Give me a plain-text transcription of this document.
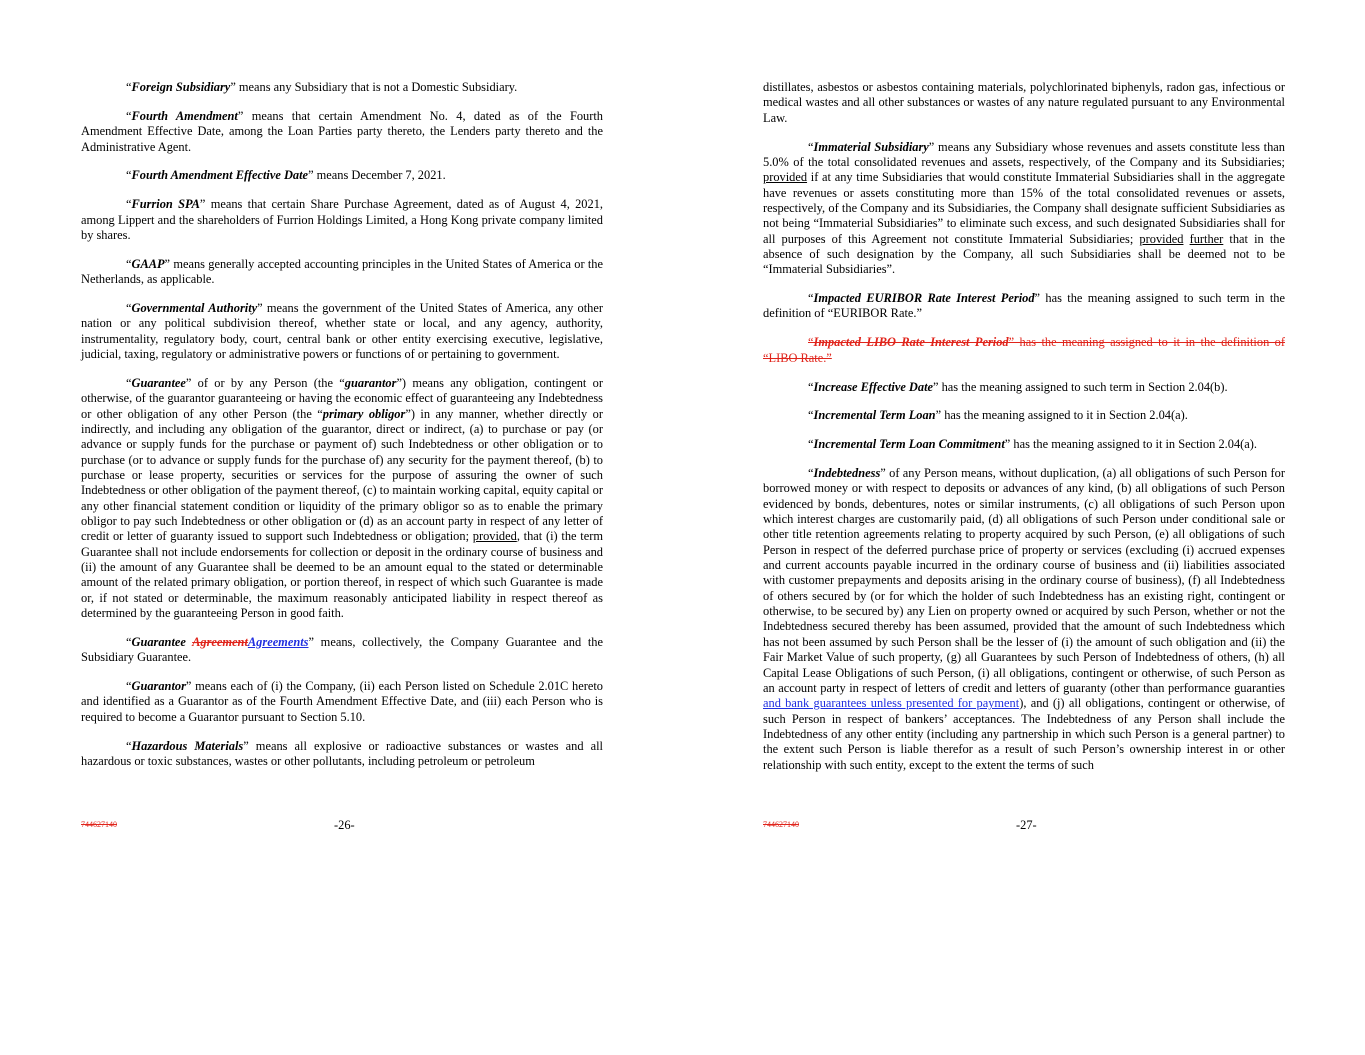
“Foreign Subsidiary” means any Subsidiary that is not a Domestic Subsidiary.

“Fourth Amendment” means that certain Amendment No. 4, dated as of the Fourth Amendment Effective Date, among the Loan Parties party thereto, the Lenders party thereto and the Administrative Agent.

“Fourth Amendment Effective Date” means December 7, 2021.

“Furrion SPA” means that certain Share Purchase Agreement, dated as of August 4, 2021, among Lippert and the shareholders of Furrion Holdings Limited, a Hong Kong private company limited by shares.

“GAAP” means generally accepted accounting principles in the United States of America or the Netherlands, as applicable.

“Governmental Authority” means the government of the United States of America, any other nation or any political subdivision thereof, whether state or local, and any agency, authority, instrumentality, regulatory body, court, central bank or other entity exercising executive, legislative, judicial, taxing, regulatory or administrative powers or functions of or pertaining to government.

“Guarantee” of or by any Person (the “guarantor”) means any obligation, contingent or otherwise, of the guarantor guaranteeing or having the economic effect of guaranteeing any Indebtedness or other obligation of any other Person (the “primary obligor”) in any manner, whether directly or indirectly, and including any obligation of the guarantor, direct or indirect, (a) to purchase or pay (or advance or supply funds for the purchase or payment of) such Indebtedness or other obligation or to purchase (or to advance or supply funds for the purchase of) any security for the payment thereof, (b) to purchase or lease property, securities or services for the purpose of assuring the owner of such Indebtedness or other obligation of the payment thereof, (c) to maintain working capital, equity capital or any other financial statement condition or liquidity of the primary obligor so as to enable the primary obligor to pay such Indebtedness or other obligation or (d) as an account party in respect of any letter of credit or letter of guaranty issued to support such Indebtedness or obligation; provided, that (i) the term Guarantee shall not include endorsements for collection or deposit in the ordinary course of business and (ii) the amount of any Guarantee shall be deemed to be an amount equal to the stated or determinable amount of the related primary obligation, or portion thereof, in respect of which such Guarantee is made or, if not stated or determinable, the maximum reasonably anticipated liability in respect thereof as determined by the guaranteeing Person in good faith.

“Guarantee AgreementAgreements” means, collectively, the Company Guarantee and the Subsidiary Guarantee.

“Guarantor” means each of (i) the Company, (ii) each Person listed on Schedule 2.01C hereto and identified as a Guarantor as of the Fourth Amendment Effective Date, and (iii) each Person who is required to become a Guarantor pursuant to Section 5.10.

“Hazardous Materials” means all explosive or radioactive substances or wastes and all hazardous or toxic substances, wastes or other pollutants, including petroleum or petroleum

744627140	-26-

distillates, asbestos or asbestos containing materials, polychlorinated biphenyls, radon gas, infectious or medical wastes and all other substances or wastes of any nature regulated pursuant to any Environmental Law.

“Immaterial Subsidiary” means any Subsidiary whose revenues and assets constitute less than 5.0% of the total consolidated revenues and assets, respectively, of the Company and its Subsidiaries; provided if at any time Subsidiaries that would constitute Immaterial Subsidiaries shall in the aggregate have revenues or assets constituting more than 15% of the total consolidated revenues or assets, respectively, of the Company and its Subsidiaries, the Company shall designate sufficient Subsidiaries as not being “Immaterial Subsidiaries” to eliminate such excess, and such designated Subsidiaries shall for all purposes of this Agreement not constitute Immaterial Subsidiaries; provided further that in the absence of such designation by the Company, all such Subsidiaries shall be deemed not to be “Immaterial Subsidiaries”.

“Impacted EURIBOR Rate Interest Period” has the meaning assigned to such term in the definition of “EURIBOR Rate.”

“Impacted LIBO Rate Interest Period” has the meaning assigned to it in the definition of “LIBO Rate.”

“Increase Effective Date” has the meaning assigned to such term in Section 2.04(b).

“Incremental Term Loan” has the meaning assigned to it in Section 2.04(a).

“Incremental Term Loan Commitment” has the meaning assigned to it in Section 2.04(a).

“Indebtedness” of any Person means, without duplication, (a) all obligations of such Person for borrowed money or with respect to deposits or advances of any kind, (b) all obligations of such Person evidenced by bonds, debentures, notes or similar instruments, (c) all obligations of such Person upon which interest charges are customarily paid, (d) all obligations of such Person under conditional sale or other title retention agreements relating to property acquired by such Person, (e) all obligations of such Person in respect of the deferred purchase price of property or services (excluding (i) accrued expenses and current accounts payable incurred in the ordinary course of business and (ii) liabilities associated with customer prepayments and deposits arising in the ordinary course of business), (f) all Indebtedness of others secured by (or for which the holder of such Indebtedness has an existing right, contingent or otherwise, to be secured by) any Lien on property owned or acquired by such Person, whether or not the Indebtedness secured thereby has been assumed, provided that the amount of such Indebtedness which has not been assumed by such Person shall be the lesser of (i) the amount of such obligation and (ii) the Fair Market Value of such property, (g) all Guarantees by such Person of Indebtedness of others, (h) all Capital Lease Obligations of such Person, (i) all obligations, contingent or otherwise, of such Person as an account party in respect of letters of credit and letters of guaranty (other than performance guaranties and bank guarantees unless presented for payment), and (j) all obligations, contingent or otherwise, of such Person in respect of bankers’ acceptances. The Indebtedness of any Person shall include the Indebtedness of any other entity (including any partnership in which such Person is a general partner) to the extent such Person is liable therefor as a result of such Person’s ownership interest in or other relationship with such entity, except to the extent the terms of such

744627140	-27-
